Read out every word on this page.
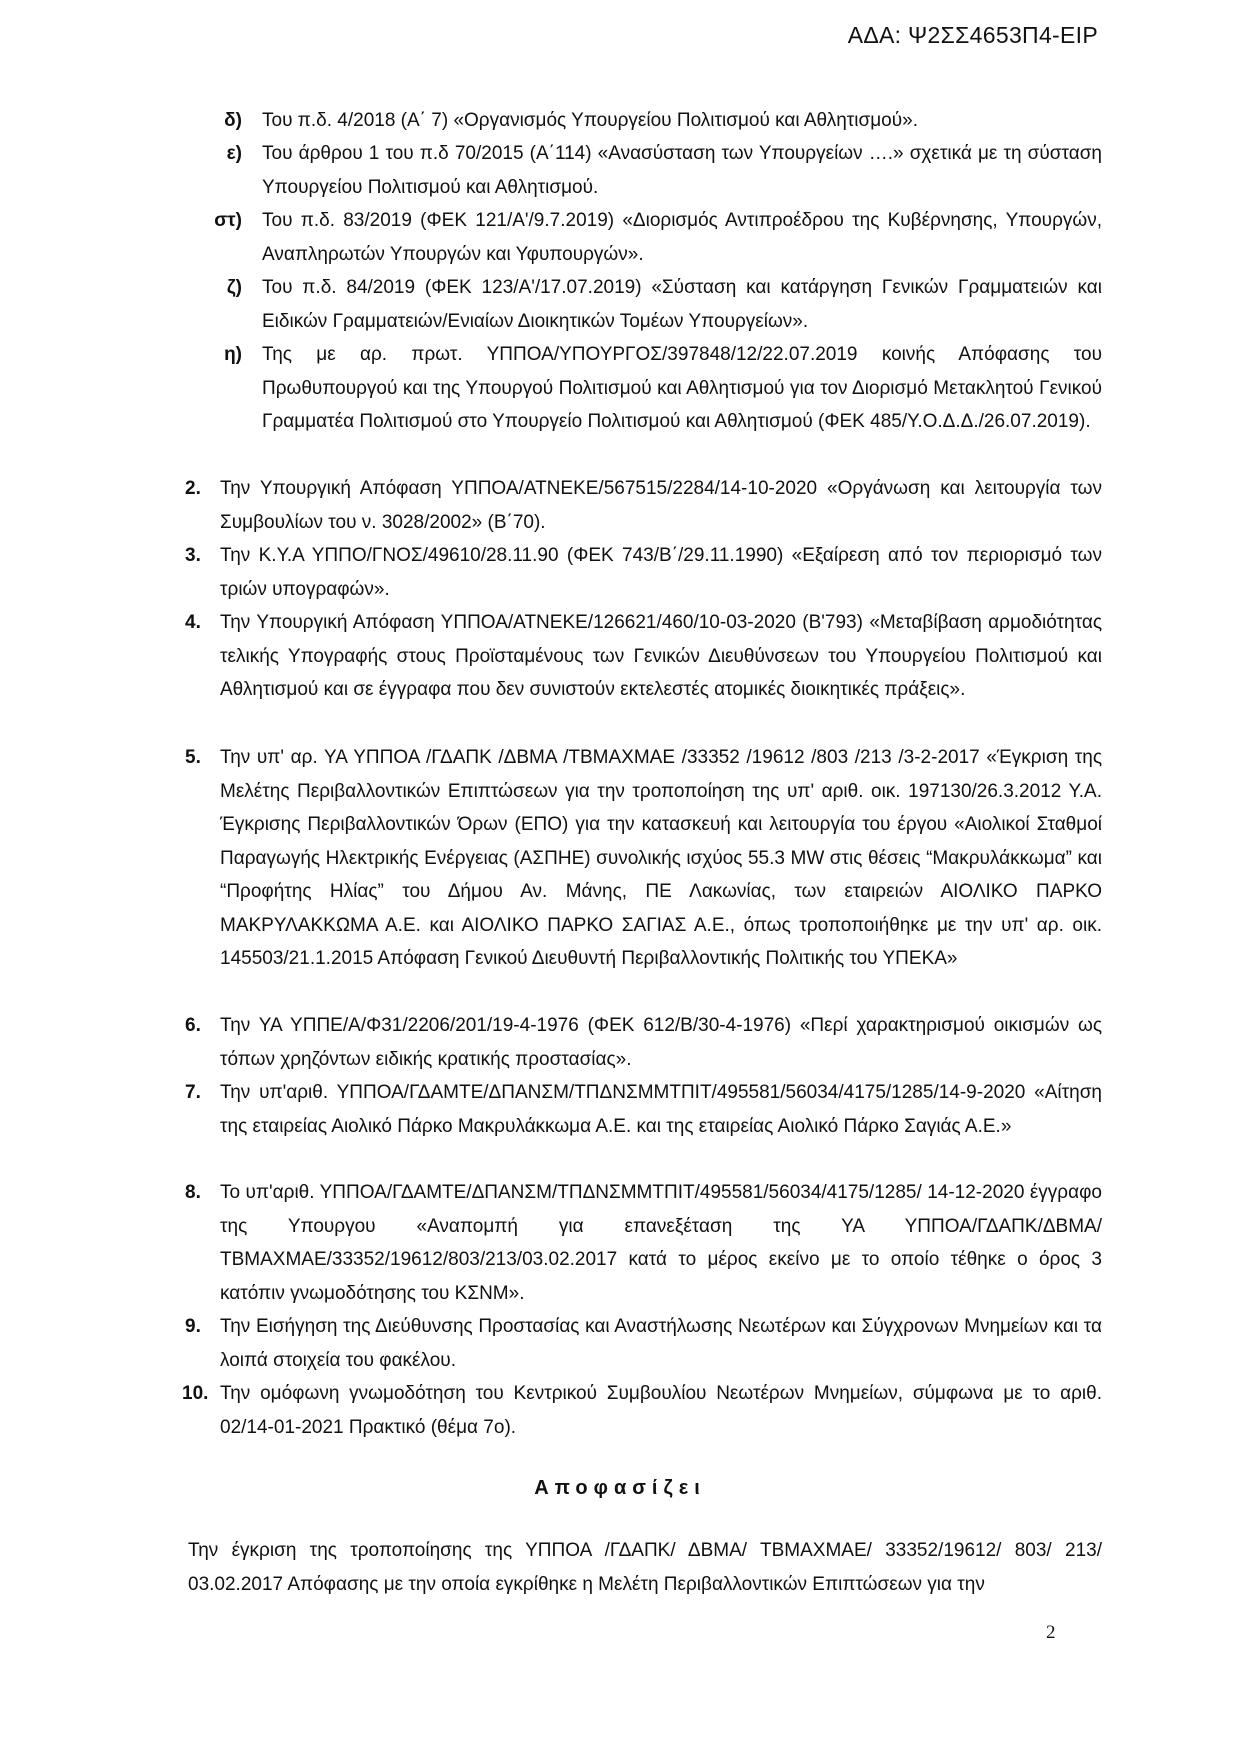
ΑΔΑ: Ψ2ΣΣ4653Π4-ΕΙΡ
δ) Του π.δ. 4/2018 (Α΄ 7) «Οργανισμός Υπουργείου Πολιτισμού και Αθλητισμού».
ε) Του άρθρου 1 του π.δ 70/2015 (Α΄114) «Ανασύσταση των Υπουργείων ….» σχετικά με τη σύσταση Υπουργείου Πολιτισμού και Αθλητισμού.
στ) Του π.δ. 83/2019 (ΦΕΚ 121/Α'/9.7.2019) «Διορισμός Αντιπροέδρου της Κυβέρνησης, Υπουργών, Αναπληρωτών Υπουργών και Υφυπουργών».
ζ) Του π.δ. 84/2019 (ΦΕΚ 123/Α'/17.07.2019) «Σύσταση και κατάργηση Γενικών Γραμματειών και Ειδικών Γραμματειών/Ενιαίων Διοικητικών Τομέων Υπουργείων».
η) Της με αρ. πρωτ. ΥΠΠΟΑ/ΥΠΟΥΡΓΟΣ/397848/12/22.07.2019 κοινής Απόφασης του Πρωθυπουργού και της Υπουργού Πολιτισμού και Αθλητισμού για τον Διορισμό Μετακλητού Γενικού Γραμματέα Πολιτισμού στο Υπουργείο Πολιτισμού και Αθλητισμού (ΦΕΚ 485/Υ.Ο.Δ.Δ./26.07.2019).
2. Την Υπουργική Απόφαση ΥΠΠΟΑ/ΑΤΝΕΚΕ/567515/2284/14-10-2020 «Οργάνωση και λειτουργία των Συμβουλίων του ν. 3028/2002» (Β΄70).
3. Την Κ.Υ.Α ΥΠΠΟ/ΓΝΟΣ/49610/28.11.90 (ΦΕΚ 743/Β΄/29.11.1990) «Εξαίρεση από τον περιορισμό των τριών υπογραφών».
4. Την Υπουργική Απόφαση ΥΠΠΟΑ/ΑΤΝΕΚΕ/126621/460/10-03-2020 (Β'793) «Μεταβίβαση αρμοδιότητας τελικής Υπογραφής στους Προϊσταμένους των Γενικών Διευθύνσεων του Υπουργείου Πολιτισμού και Αθλητισμού και σε έγγραφα που δεν συνιστούν εκτελεστές ατομικές διοικητικές πράξεις».
5. Την υπ' αρ. ΥΑ ΥΠΠΟΑ /ΓΔΑΠΚ /ΔΒΜΑ /ΤΒΜΑΧΜΑΕ /33352 /19612 /803 /213 /3-2-2017 «Έγκριση της Μελέτης Περιβαλλοντικών Επιπτώσεων για την τροποποίηση της υπ' αριθ. οικ. 197130/26.3.2012 Υ.Α. Έγκρισης Περιβαλλοντικών Όρων (ΕΠΟ) για την κατασκευή και λειτουργία του έργου «Αιολικοί Σταθμοί Παραγωγής Ηλεκτρικής Ενέργειας (ΑΣΠΗΕ) συνολικής ισχύος 55.3 MW στις θέσεις “Μακρυλάκκωμα” και “Προφήτης Ηλίας” του Δήμου Αν. Μάνης, ΠΕ Λακωνίας, των εταιρειών ΑΙΟΛΙΚΟ ΠΑΡΚΟ ΜΑΚΡΥΛΑΚΚΩΜΑ Α.Ε. και ΑΙΟΛΙΚΟ ΠΑΡΚΟ ΣΑΓΙΑΣ Α.Ε., όπως τροποποιήθηκε με την υπ' αρ. οικ. 145503/21.1.2015 Απόφαση Γενικού Διευθυντή Περιβαλλοντικής Πολιτικής του ΥΠΕΚΑ»
6. Την ΥΑ ΥΠΠΕ/Α/Φ31/2206/201/19-4-1976 (ΦΕΚ 612/Β/30-4-1976) «Περί χαρακτηρισμού οικισμών ως τόπων χρηζόντων ειδικής κρατικής προστασίας».
7. Την υπ'αριθ. ΥΠΠΟΑ/ΓΔΑΜΤΕ/ΔΠΑΝΣΜ/ΤΠΔΝΣΜΜΤΠΙΤ/495581/56034/4175/1285/14-9-2020 «Αίτηση της εταιρείας Αιολικό Πάρκο Μακρυλάκκωμα Α.Ε. και της εταιρείας Αιολικό Πάρκο Σαγιάς Α.Ε.»
8. Το υπ'αριθ. ΥΠΠΟΑ/ΓΔΑΜΤΕ/ΔΠΑΝΣΜ/ΤΠΔΝΣΜΜΤΠΙΤ/495581/56034/4175/1285/ 14-12-2020 έγγραφο της Υπουργου «Αναπομπή για επανεξέταση της ΥΑ ΥΠΠΟΑ/ΓΔΑΠΚ/ΔΒΜΑ/ΤΒΜΑΧΜΑΕ/33352/19612/803/213/03.02.2017 κατά το μέρος εκείνο με το οποίο τέθηκε ο όρος 3 κατόπιν γνωμοδότησης του ΚΣΝΜ».
9. Την Εισήγηση της Διεύθυνσης Προστασίας και Αναστήλωσης Νεωτέρων και Σύγχρονων Μνημείων και τα λοιπά στοιχεία του φακέλου.
10. Την ομόφωνη γνωμοδότηση του Κεντρικού Συμβουλίου Νεωτέρων Μνημείων, σύμφωνα με το αριθ. 02/14-01-2021 Πρακτικό (θέμα 7ο).
Αποφασίζει
Την έγκριση της τροποποίησης της ΥΠΠΟΑ /ΓΔΑΠΚ/ ΔΒΜΑ/ ΤΒΜΑΧΜΑΕ/ 33352/19612/ 803/ 213/ 03.02.2017 Απόφασης με την οποία εγκρίθηκε η Μελέτη Περιβαλλοντικών Επιπτώσεων για την
2
